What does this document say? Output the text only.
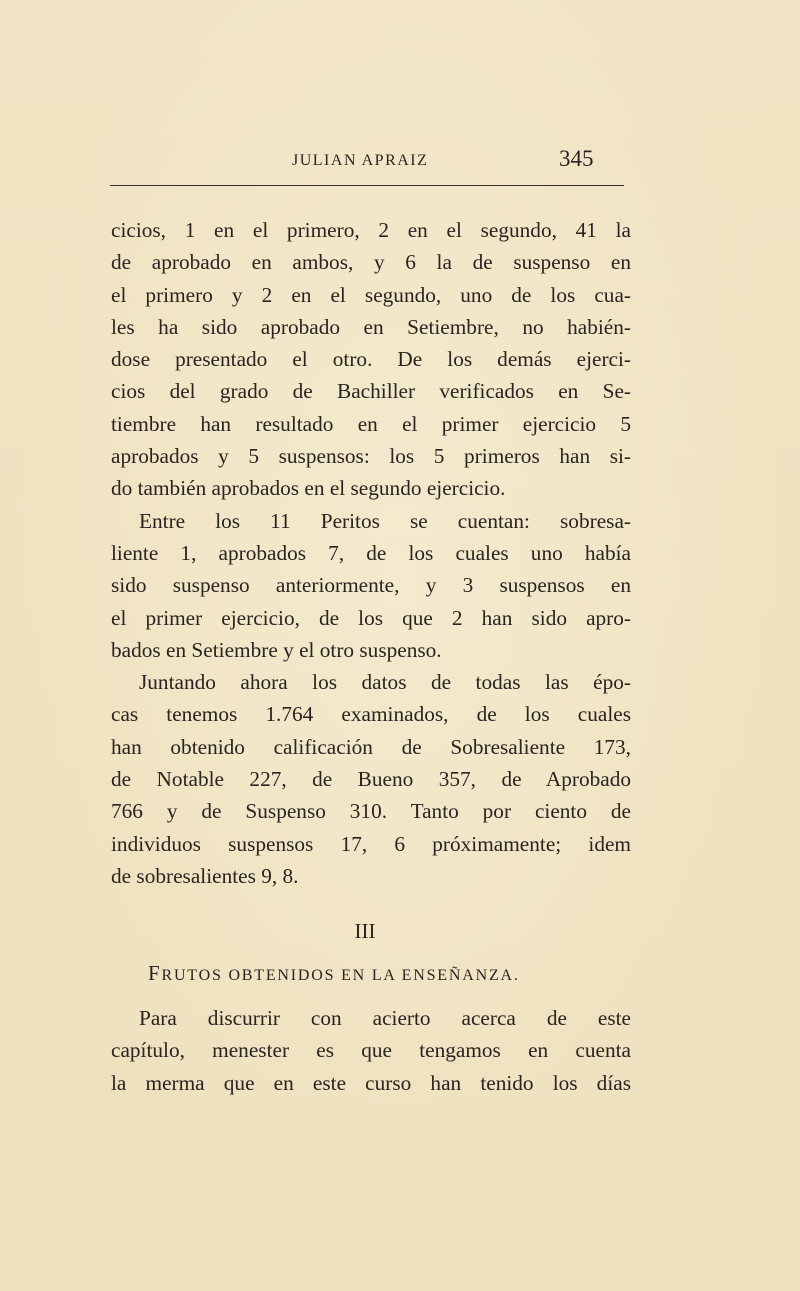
JULIAN APRAIZ	345
cicios, 1 en el primero, 2 en el segundo, 41 la
de aprobado en ambos, y 6 la de suspenso en
el primero y 2 en el segundo, uno de los cua-
les ha sido aprobado en Setiembre, no habién-
dose presentado el otro. De los demás ejerci-
cios del grado de Bachiller verificados en Se-
tiembre han resultado en el primer ejercicio 5
aprobados y 5 suspensos: los 5 primeros han si-
do también aprobados en el segundo ejercicio.
Entre los 11 Peritos se cuentan: sobresa-
liente 1, aprobados 7, de los cuales uno había
sido suspenso anteriormente, y 3 suspensos en
el primer ejercicio, de los que 2 han sido apro-
bados en Setiembre y el otro suspenso.
Juntando ahora los datos de todas las épo-
cas tenemos 1.764 examinados, de los cuales
han obtenido calificación de Sobresaliente 173,
de Notable 227, de Bueno 357, de Aprobado
766 y de Suspenso 310. Tanto por ciento de
individuos suspensos 17, 6 próximamente; idem
de sobresalientes 9, 8.
III
FRUTOS OBTENIDOS EN LA ENSEÑANZA.
Para discurrir con acierto acerca de este
capítulo, menester es que tengamos en cuenta
la merma que en este curso han tenido los días
